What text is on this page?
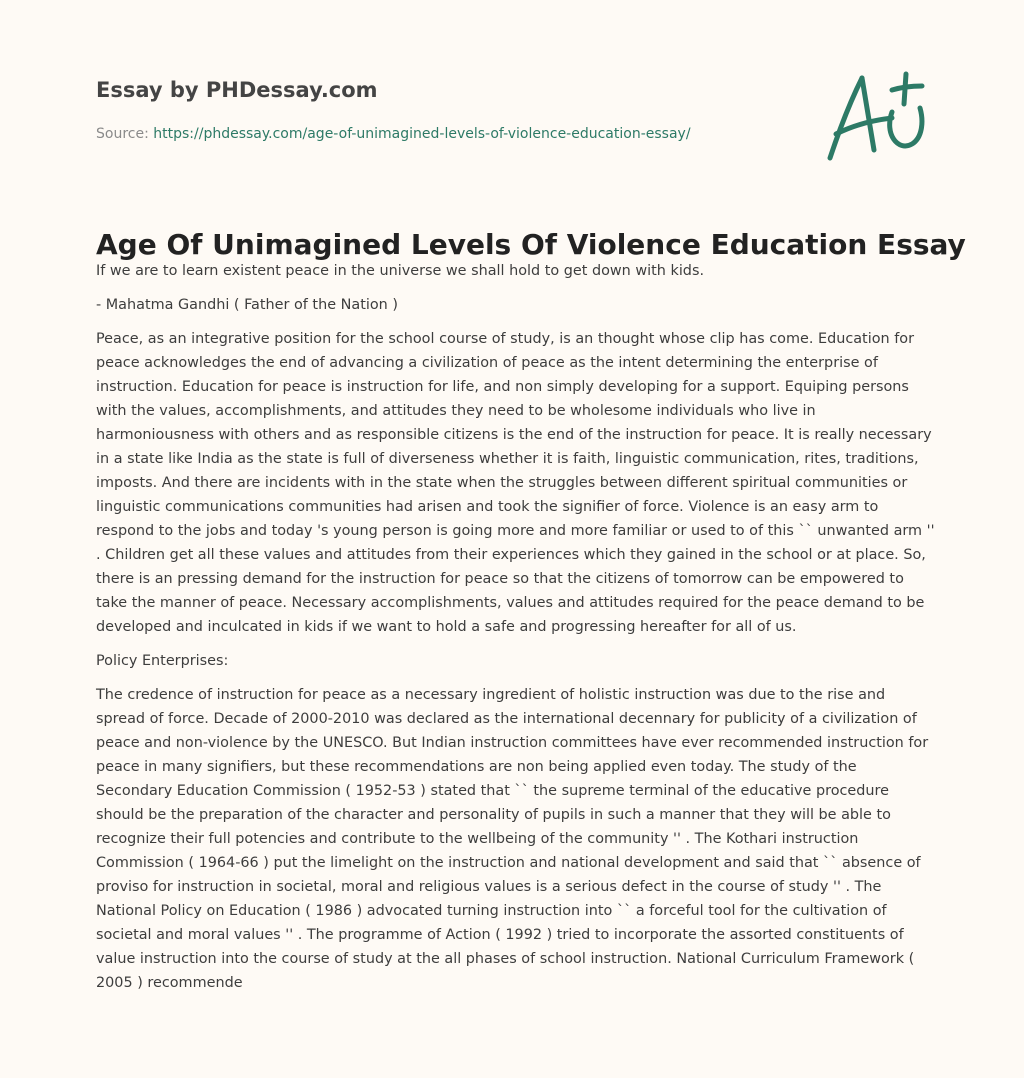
Essay by PHDessay.com
Source: https://phdessay.com/age-of-unimagined-levels-of-violence-education-essay/
Age Of Unimagined Levels Of Violence Education Essay

If we are to learn existent peace in the universe we shall hold to get down with kids.

- Mahatma Gandhi ( Father of the Nation )

Peace, as an integrative position for the school course of study, is an thought whose clip has come. Education for peace acknowledges the end of advancing a civilization of peace as the intent determining the enterprise of instruction. Education for peace is instruction for life, and non simply developing for a support. Equiping persons with the values, accomplishments, and attitudes they need to be wholesome individuals who live in harmoniousness with others and as responsible citizens is the end of the instruction for peace. It is really necessary in a state like India as the state is full of diverseness whether it is faith, linguistic communication, rites, traditions, imposts. And there are incidents with in the state when the struggles between different spiritual communities or linguistic communications communities had arisen and took the signifier of force. Violence is an easy arm to respond to the jobs and today 's young person is going more and more familiar or used to of this `` unwanted arm '' . Children get all these values and attitudes from their experiences which they gained in the school or at place. So, there is an pressing demand for the instruction for peace so that the citizens of tomorrow can be empowered to take the manner of peace. Necessary accomplishments, values and attitudes required for the peace demand to be developed and inculcated in kids if we want to hold a safe and progressing hereafter for all of us.

Policy Enterprises:

The credence of instruction for peace as a necessary ingredient of holistic instruction was due to the rise and spread of force. Decade of 2000-2010 was declared as the international decennary for publicity of a civilization of peace and non-violence by the UNESCO. But Indian instruction committees have ever recommended instruction for peace in many signifiers, but these recommendations are non being applied even today. The study of the Secondary Education Commission ( 1952-53 ) stated that `` the supreme terminal of the educative procedure should be the preparation of the character and personality of pupils in such a manner that they will be able to recognize their full potencies and contribute to the wellbeing of the community '' . The Kothari instruction Commission ( 1964-66 ) put the limelight on the instruction and national development and said that `` absence of proviso for instruction in societal, moral and religious values is a serious defect in the course of study '' . The National Policy on Education ( 1986 ) advocated turning instruction into `` a forceful tool for the cultivation of societal and moral values '' . The programme of Action ( 1992 ) tried to incorporate the assorted constituents of value instruction into the course of study at the all phases of school instruction. National Curriculum Framework ( 2005 ) recommende
